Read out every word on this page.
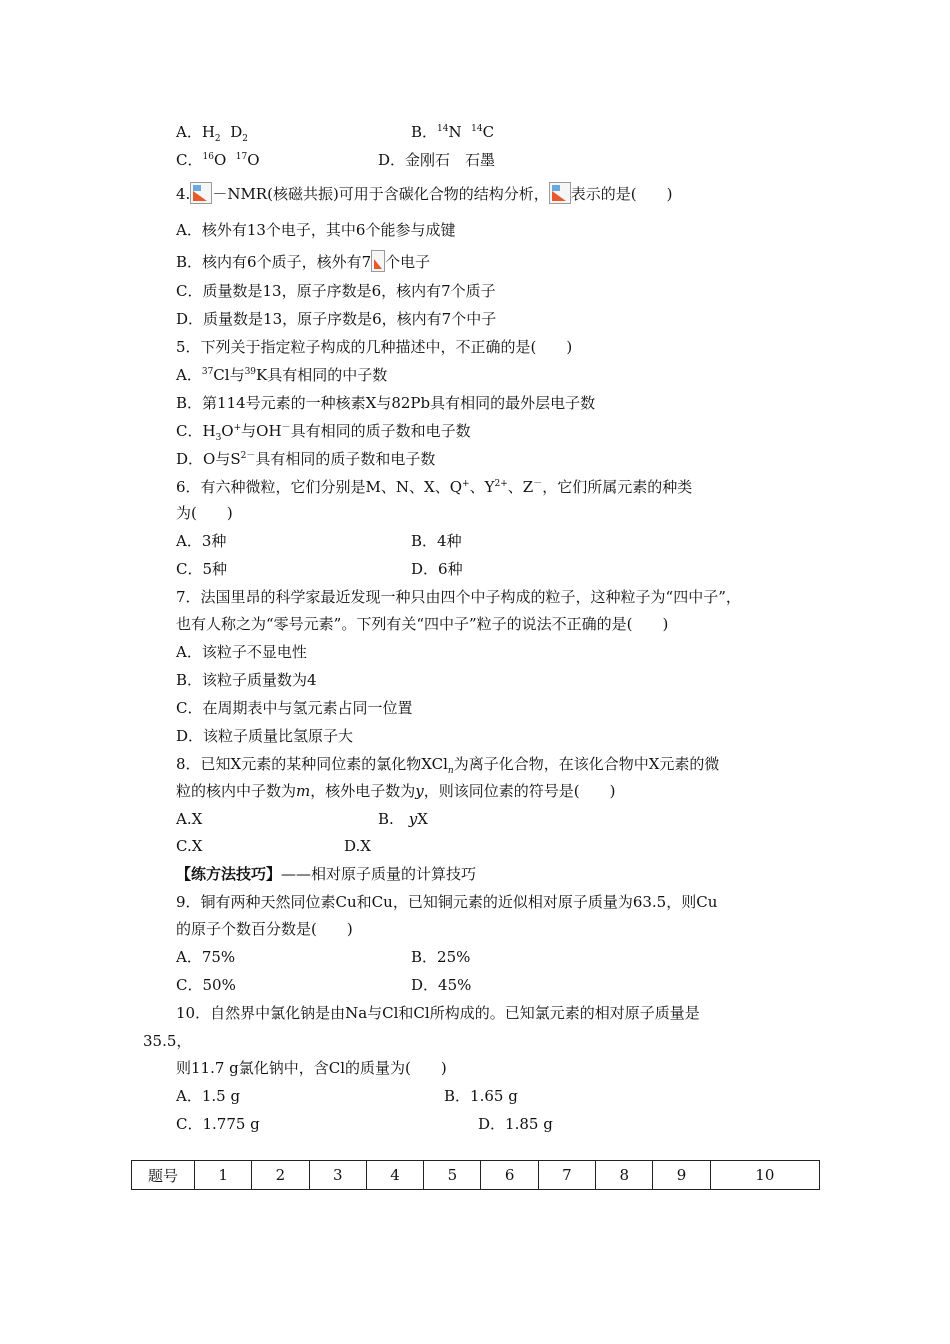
A．$H_2$ $D_2$	B．$^{14}$N $^{14}$C
C．$^{16}$O $^{17}$O	D．金刚石　石墨
4. －NMR(核磁共振)可用于含碳化合物的结构分析， 表示的是(　　)
A．核外有13个电子，其中6个能参与成键
B．核内有6个质子，核外有7 个电子
C．质量数是13，原子序数是6，核内有7个质子
D．质量数是13，原子序数是6，核内有7个中子
5．下列关于指定粒子构成的几种描述中，不正确的是(　　)
A．$^{37}$Cl与$^{39}$K具有相同的中子数
B．第114号元素的一种核素X与82Pb具有相同的最外层电子数
C．$H_3O^+$与OH－具有相同的质子数和电子数
D．O与$S^{2-}$具有相同的质子数和电子数
6．有六种微粒，它们分别是M、N、X、Q+、$Y^{2+}$、Z－，它们所属元素的种类
为(　　)
A．3种	B．4种
C．5种	D．6种
7．法国里昂的科学家最近发现一种只由四个中子构成的粒子，这种粒子为“四中子”，
也有人称之为“零号元素”。下列有关“四中子”粒子的说法不正确的是(　　)
A．该粒子不显电性
B．该粒子质量数为4
C．在周期表中与氢元素占同一位置
D．该粒子质量比氢原子大
8．已知X元素的某种同位素的氯化物XCl$_n$为离子化合物，在该化合物中X元素的微
粒的核内中子数为m，核外电子数为y，则该同位素的符号是(　　)
A.X	B.　yX
C.X	D.X
【练方法技巧】——相对原子质量的计算技巧
9．铜有两种天然同位素Cu和Cu，已知铜元素的近似相对原子质量为63.5，则Cu
的原子个数百分数是(　　)
A．75%	B．25%
C．50%	D．45%
10．自然界中氯化钠是由Na与Cl和Cl所构成的。已知氯元素的相对原子质量是
35.5，
则11.7 g氯化钠中，含Cl的质量为(　　)
A．1.5 g	B．1.65 g
C．1.775 g	D．1.85 g
题号	1	2	3	4	5	6	7	8	9	10
